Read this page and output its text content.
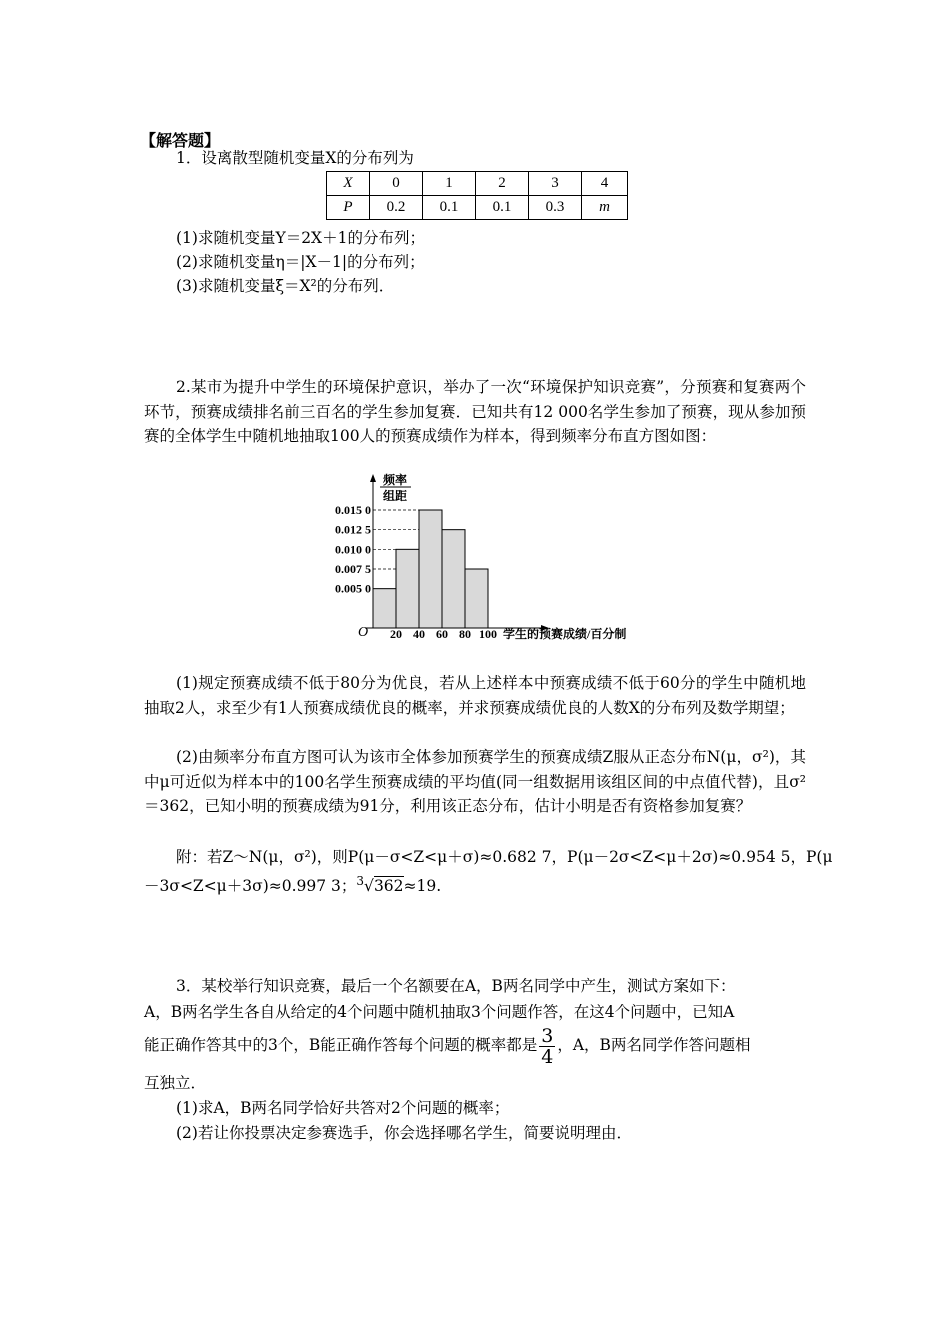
【解答题】
1．设离散型随机变量X的分布列为
X	0	1	2	3	4
P	0.2	0.1	0.1	0.3	m
(1)求随机变量Y＝2X＋1的分布列；
(2)求随机变量η＝|X－1|的分布列；
(3)求随机变量ξ＝X²的分布列．
2.某市为提升中学生的环境保护意识，举办了一次“环境保护知识竞赛”，分预赛和复赛两个环节，预赛成绩排名前三百名的学生参加复赛．已知共有12 000名学生参加了预赛，现从参加预赛的全体学生中随机地抽取100人的预赛成绩作为样本，得到频率分布直方图如图：
频率
组距
0.005 0
0.007 5
0.010 0
0.012 5
0.015 0
20 40 60 80 100
O	学生的预赛成绩/百分制
(1)规定预赛成绩不低于80分为优良，若从上述样本中预赛成绩不低于60分的学生中随机地抽取2人，求至少有1人预赛成绩优良的概率，并求预赛成绩优良的人数X的分布列及数学期望；
(2)由频率分布直方图可认为该市全体参加预赛学生的预赛成绩Z服从正态分布N(μ，σ²)，其中μ可近似为样本中的100名学生预赛成绩的平均值(同一组数据用该组区间的中点值代替)，且σ²＝362，已知小明的预赛成绩为91分，利用该正态分布，估计小明是否有资格参加复赛？
附：若Z～N(μ，σ²)，则P(μ－σ<Z<μ＋σ)≈0.682 7，P(μ－2σ<Z<μ＋2σ)≈0.954 5，P(μ
－3σ<Z<μ＋3σ)≈0.997 3；$^3$√362≈19.
3．某校举行知识竞赛，最后一个名额要在A，B两名同学中产生，测试方案如下：
A，B两名学生各自从给定的4个问题中随机抽取3个问题作答，在这4个问题中，已知A
能正确作答其中的3个，B能正确作答每个问题的概率都是 $\frac{3}{4}$ ，A，B两名同学作答问题相
互独立．
(1)求A，B两名同学恰好共答对2个问题的概率；
(2)若让你投票决定参赛选手，你会选择哪名学生，简要说明理由．
